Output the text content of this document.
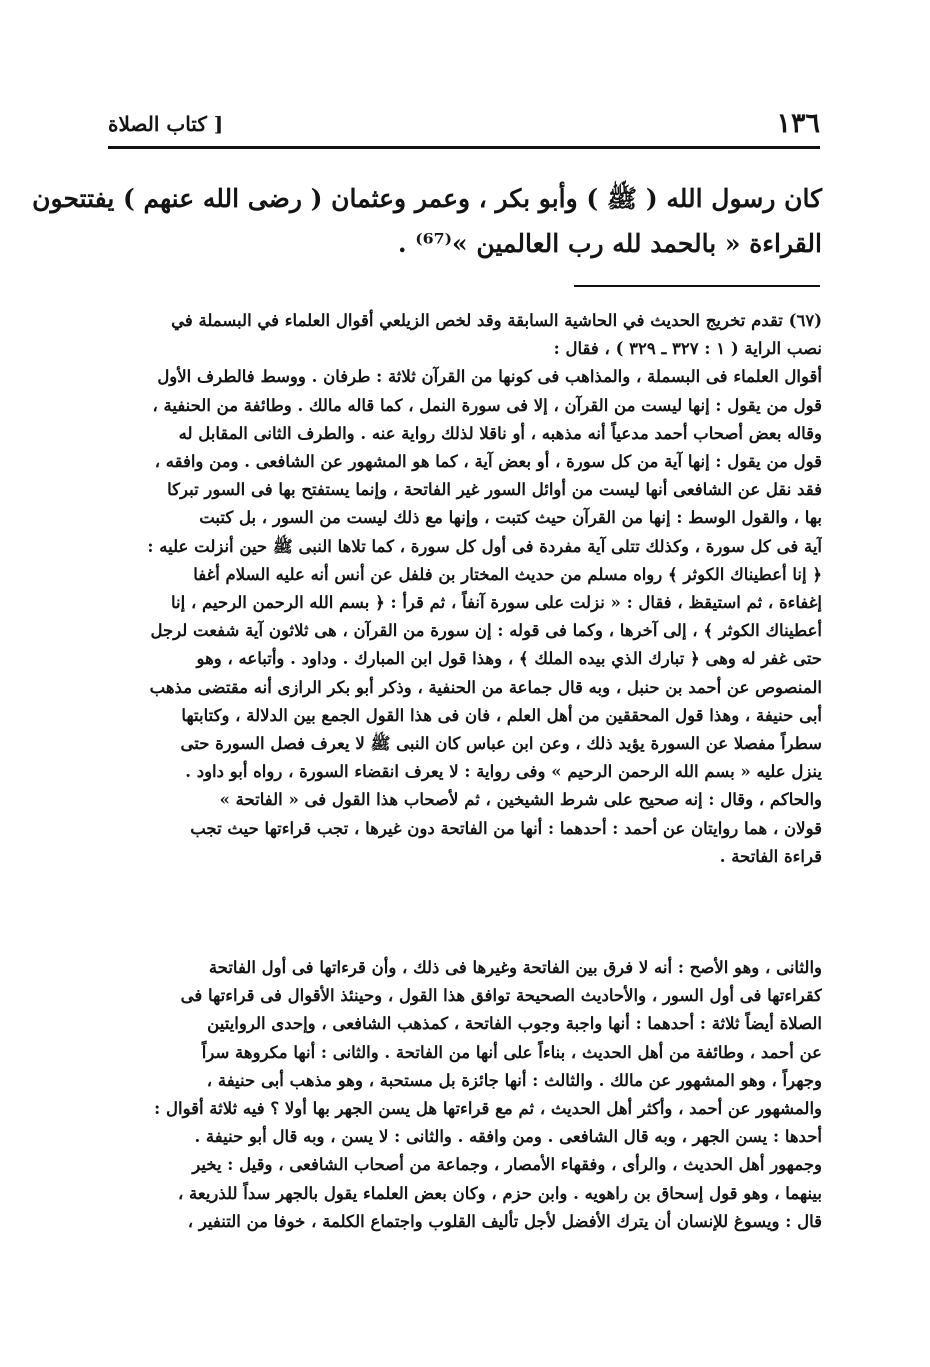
١٣٦
[ كتاب الصلاة
كان رسول الله ( ﷺ ) وأبو بكر ، وعمر وعثمان ( رضى الله عنهم ) يفتتحون
القراءة « بالحمد لله رب العالمين »⁽⁶⁷⁾ .
(٦٧) تقدم تخريج الحديث في الحاشية السابقة وقد لخص الزيلعي أقوال العلماء في البسملة في
نصب الراية ( ١ : ٣٢٧ ـ ٣٢٩ ) ، فقال :
أقوال العلماء فى البسملة ، والمذاهب فى كونها من القرآن ثلاثة : طرفان . ووسط فالطرف الأول
قول من يقول : إنها ليست من القرآن ، إلا فى سورة النمل ، كما قاله مالك . وطائفة من الحنفية ،
وقاله بعض أصحاب أحمد مدعياً أنه مذهبه ، أو ناقلا لذلك رواية عنه . والطرف الثانى المقابل له
قول من يقول : إنها آية من كل سورة ، أو بعض آية ، كما هو المشهور عن الشافعى . ومن وافقه ،
فقد نقل عن الشافعى أنها ليست من أوائل السور غير الفاتحة ، وإنما يستفتح بها فى السور تبركا
بها ، والقول الوسط : إنها من القرآن حيث كتبت ، وإنها مع ذلك ليست من السور ، بل كتبت
آية فى كل سورة ، وكذلك تتلى آية مفردة فى أول كل سورة ، كما تلاها النبى ﷺ حين أنزلت عليه :
﴿ إنا أعطيناك الكوثر ﴾ رواه مسلم من حديث المختار بن فلفل عن أنس أنه عليه السلام أغفا
إغفاءة ، ثم استيقظ ، فقال : « نزلت على سورة آنفاً ، ثم قرأ : ﴿ بسم الله الرحمن الرحيم ، إنا
أعطيناك الكوثر ﴾ ، إلى آخرها ، وكما فى قوله : إن سورة من القرآن ، هى ثلاثون آية شفعت لرجل
حتى غفر له وهى ﴿ تبارك الذي بيده الملك ﴾ ، وهذا قول ابن المبارك . وداود . وأتباعه ، وهو
المنصوص عن أحمد بن حنبل ، وبه قال جماعة من الحنفية ، وذكر أبو بكر الرازى أنه مقتضى مذهب
أبى حنيفة ، وهذا قول المحققين من أهل العلم ، فان فى هذا القول الجمع بين الدلالة ، وكتابتها
سطراً مفصلا عن السورة يؤيد ذلك ، وعن ابن عباس كان النبى ﷺ لا يعرف فصل السورة حتى
ينزل عليه « بسم الله الرحمن الرحيم » وفى رواية : لا يعرف انقضاء السورة ، رواه أبو داود .
والحاكم ، وقال : إنه صحيح على شرط الشيخين ، ثم لأصحاب هذا القول فى « الفاتحة »
قولان ، هما روايتان عن أحمد : أحدهما : أنها من الفاتحة دون غيرها ، تجب قراءتها حيث تجب
قراءة الفاتحة .
والثانى ، وهو الأصح : أنه لا فرق بين الفاتحة وغيرها فى ذلك ، وأن قرءاتها فى أول الفاتحة
كقراءتها فى أول السور ، والأحاديث الصحيحة توافق هذا القول ، وحينئذ الأقوال فى قراءتها فى
الصلاة أيضاً ثلاثة : أحدهما : أنها واجبة وجوب الفاتحة ، كمذهب الشافعى ، وإحدى الروايتين
عن أحمد ، وطائفة من أهل الحديث ، بناءاً على أنها من الفاتحة . والثانى : أنها مكروهة سراً
وجهراً ، وهو المشهور عن مالك . والثالث : أنها جائزة بل مستحبة ، وهو مذهب أبى حنيفة ،
والمشهور عن أحمد ، وأكثر أهل الحديث ، ثم مع قراءتها هل يسن الجهر بها أولا ؟ فيه ثلاثة أقوال :
أحدها : يسن الجهر ، وبه قال الشافعى . ومن وافقه . والثانى : لا يسن ، وبه قال أبو حنيفة .
وجمهور أهل الحديث ، والرأى ، وفقهاء الأمصار ، وجماعة من أصحاب الشافعى ، وقيل : يخير
بينهما ، وهو قول إسحاق بن راهويه . وابن حزم ، وكان بعض العلماء يقول بالجهر سداً للذريعة ،
قال : ويسوغ للإنسان أن يترك الأفضل لأجل تأليف القلوب واجتماع الكلمة ، خوفا من التنفير ،
